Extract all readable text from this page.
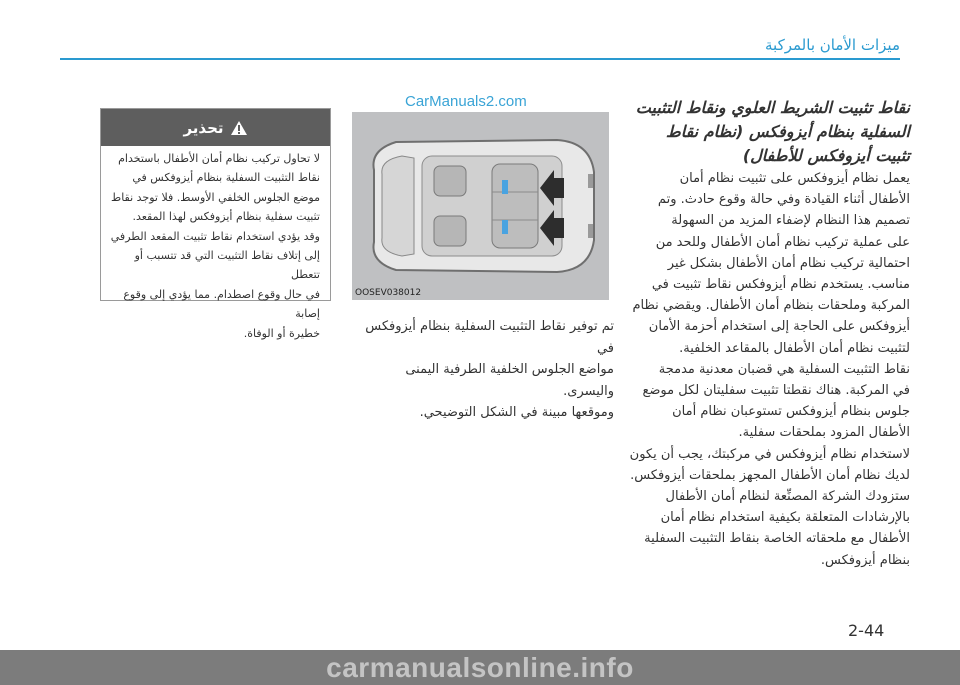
ميزات الأمان بالمركبة
نقاط تثبيت الشريط العلوي ونقاط التثبيت
السفلية بنظام أيزوفكس (نظام نقاط
تثبيت أيزوفكس للأطفال)
يعمل نظام أيزوفكس على تثبيت نظام أمان
الأطفال أثناء القيادة وفي حالة وقوع حادث. وتم
تصميم هذا النظام لإضفاء المزيد من السهولة
على عملية تركيب نظام أمان الأطفال وللحد من
احتمالية تركيب نظام أمان الأطفال بشكل غير
مناسب. يستخدم نظام أيزوفكس نقاط تثبيت في
المركبة وملحقات بنظام أمان الأطفال. ويقضي نظام
أيزوفكس على الحاجة إلى استخدام أحزمة الأمان
لتثبيت نظام أمان الأطفال بالمقاعد الخلفية.
نقاط التثبيت السفلية هي قضبان معدنية مدمجة
في المركبة. هناك نقطتا تثبيت سفليتان لكل موضع
جلوس بنظام أيزوفكس تستوعبان نظام أمان
الأطفال المزود بملحقات سفلية.
لاستخدام نظام أيزوفكس في مركبتك، يجب أن يكون
لديك نظام أمان الأطفال المجهز بملحقات أيزوفكس.
ستزودك الشركة المصنِّعة لنظام أمان الأطفال
بالإرشادات المتعلقة بكيفية استخدام نظام أمان
الأطفال مع ملحقاته الخاصة بنقاط التثبيت السفلية
بنظام أيزوفكس.
OOSEV038012
CarManuals2.com
تم توفير نقاط التثبيت السفلية بنظام أيزوفكس في
مواضع الجلوس الخلفية الطرفية اليمنى واليسرى.
وموقعها مبينة في الشكل التوضيحي.
تحذير
لا تحاول تركيب نظام أمان الأطفال باستخدام
نقاط التثبيت السفلية بنظام أيزوفكس في
موضع الجلوس الخلفي الأوسط. فلا توجد نقاط
تثبيت سفلية بنظام أيزوفكس لهذا المقعد.
وقد يؤدي استخدام نقاط تثبيت المقعد الطرفي
إلى إتلاف نقاط التثبيت التي قد تتسبب أو تتعطل
في حال وقوع اصطدام. مما يؤدي إلى وقوع إصابة
خطيرة أو الوفاة.
2-44
carmanualsonline.info
